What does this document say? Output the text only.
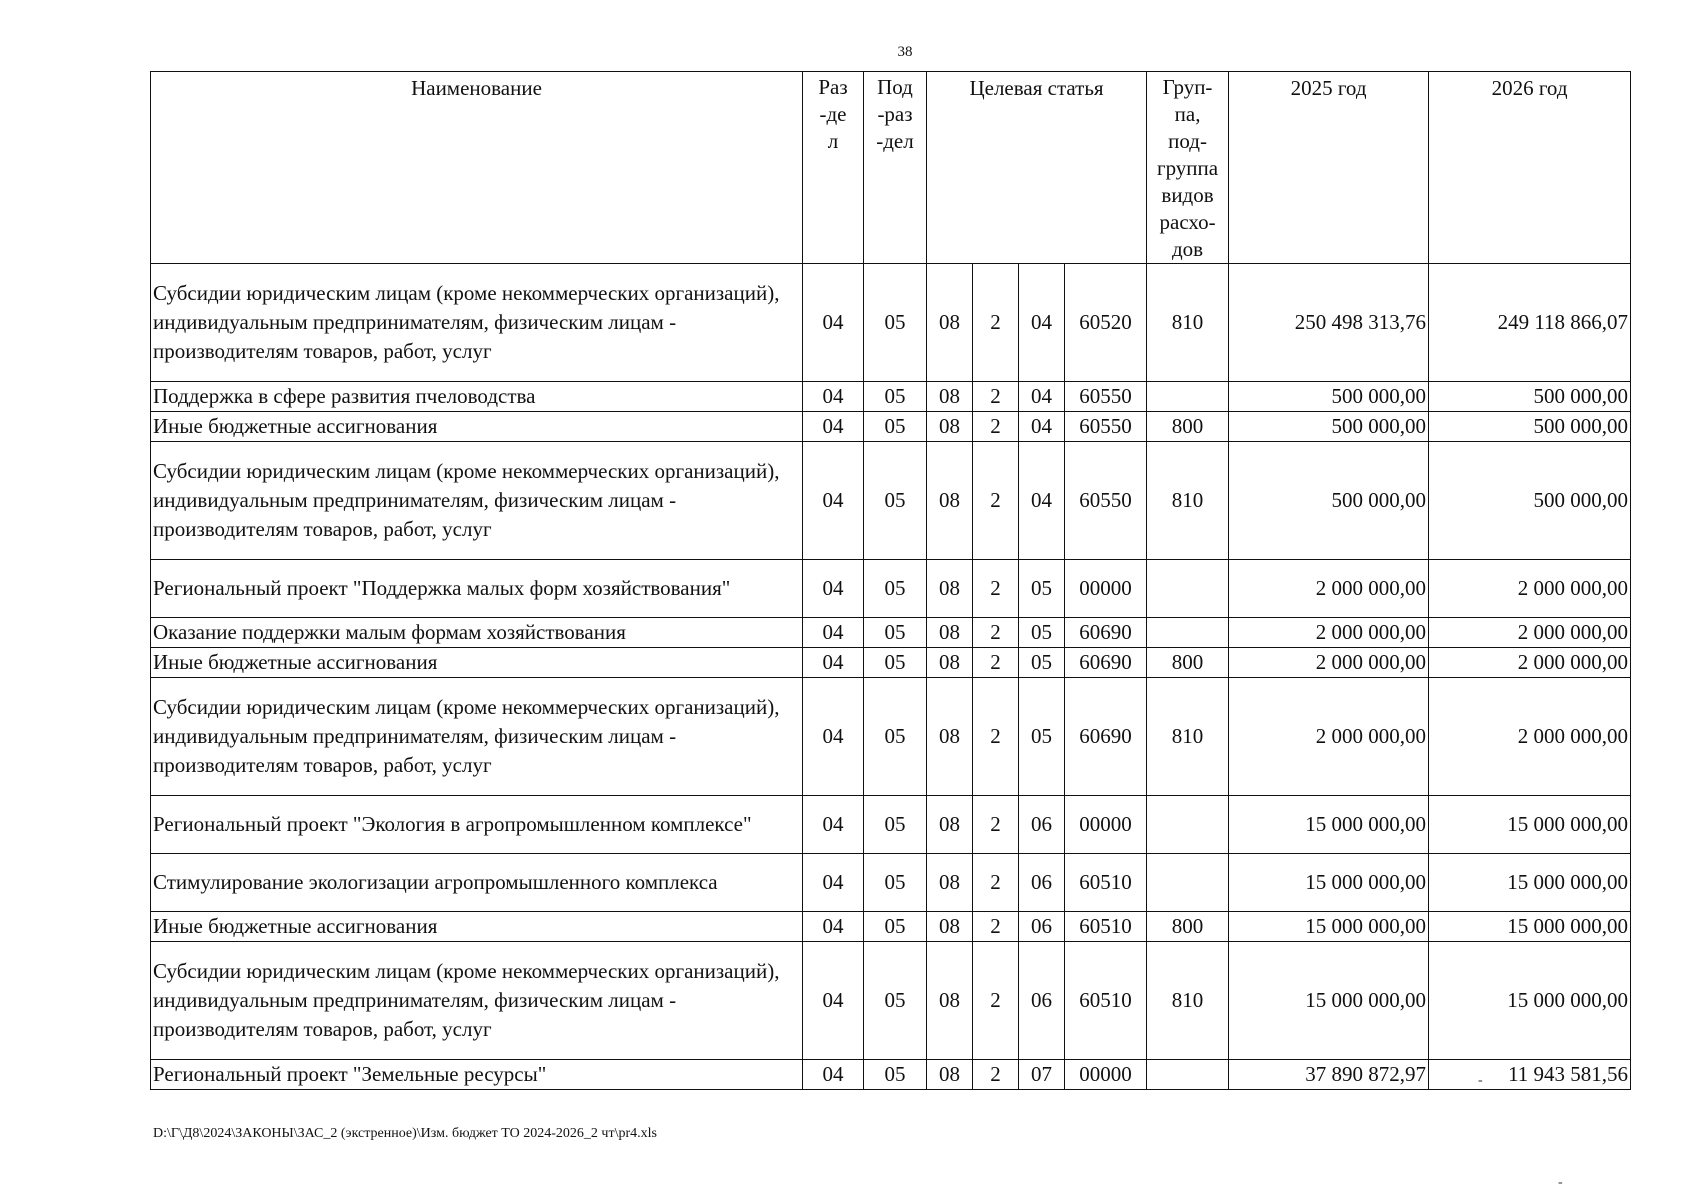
38
Наименование	Раз-дел	Под-раз-дел	Целевая статья				Груп-па, под-группа видов расхо-дов	2025 год	2026 год
Субсидии юридическим лицам (кроме некоммерческих организаций), индивидуальным предпринимателям, физическим лицам - производителям товаров, работ, услуг	04	05	08	2	04	60520	810	250 498 313,76	249 118 866,07
Поддержка в сфере развития пчеловодства	04	05	08	2	04	60550		500 000,00	500 000,00
Иные бюджетные ассигнования	04	05	08	2	04	60550	800	500 000,00	500 000,00
Субсидии юридическим лицам (кроме некоммерческих организаций), индивидуальным предпринимателям, физическим лицам - производителям товаров, работ, услуг	04	05	08	2	04	60550	810	500 000,00	500 000,00
Региональный проект "Поддержка малых форм хозяйствования"	04	05	08	2	05	00000		2 000 000,00	2 000 000,00
Оказание поддержки малым формам хозяйствования	04	05	08	2	05	60690		2 000 000,00	2 000 000,00
Иные бюджетные ассигнования	04	05	08	2	05	60690	800	2 000 000,00	2 000 000,00
Субсидии юридическим лицам (кроме некоммерческих организаций), индивидуальным предпринимателям, физическим лицам - производителям товаров, работ, услуг	04	05	08	2	05	60690	810	2 000 000,00	2 000 000,00
Региональный проект "Экология в агропромышленном комплексе"	04	05	08	2	06	00000		15 000 000,00	15 000 000,00
Стимулирование экологизации агропромышленного комплекса	04	05	08	2	06	60510		15 000 000,00	15 000 000,00
Иные бюджетные ассигнования	04	05	08	2	06	60510	800	15 000 000,00	15 000 000,00
Субсидии юридическим лицам (кроме некоммерческих организаций), индивидуальным предпринимателям, физическим лицам - производителям товаров, работ, услуг	04	05	08	2	06	60510	810	15 000 000,00	15 000 000,00
Региональный проект "Земельные ресурсы"	04	05	08	2	07	00000		37 890 872,97	11 943 581,56
D:\Г\Д8\2024\ЗАКОНЫ\ЗАС_2 (экстренное)\Изм. бюджет ТО 2024-2026_2 чт\pr4.xls
-
-
